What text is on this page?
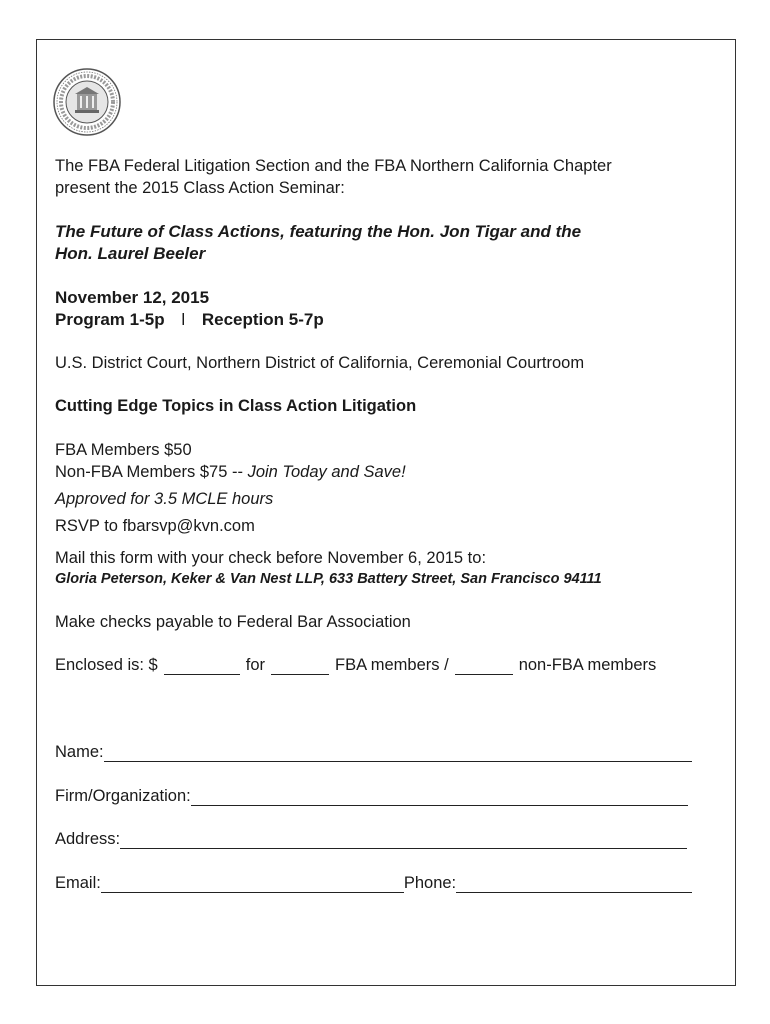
The FBA Federal Litigation Section and the FBA Northern California Chapter
present the 2015 Class Action Seminar:
The Future of Class Actions, featuring the Hon. Jon Tigar and the
Hon. Laurel Beeler
November 12, 2015
Program 1-5p l Reception 5-7p
U.S. District Court, Northern District of California, Ceremonial Courtroom
Cutting Edge Topics in Class Action Litigation
FBA Members $50
Non-FBA Members $75 -- Join Today and Save!
Approved for 3.5 MCLE hours
RSVP to fbarsvp@kvn.com
Mail this form with your check before November 6, 2015 to:
Gloria Peterson, Keker & Van Nest LLP, 633 Battery Street, San Francisco 94111
Make checks payable to Federal Bar Association
Enclosed is: $	for	FBA members /	non-FBA members
Name:
Firm/Organization:
Address:
Email:	Phone:
